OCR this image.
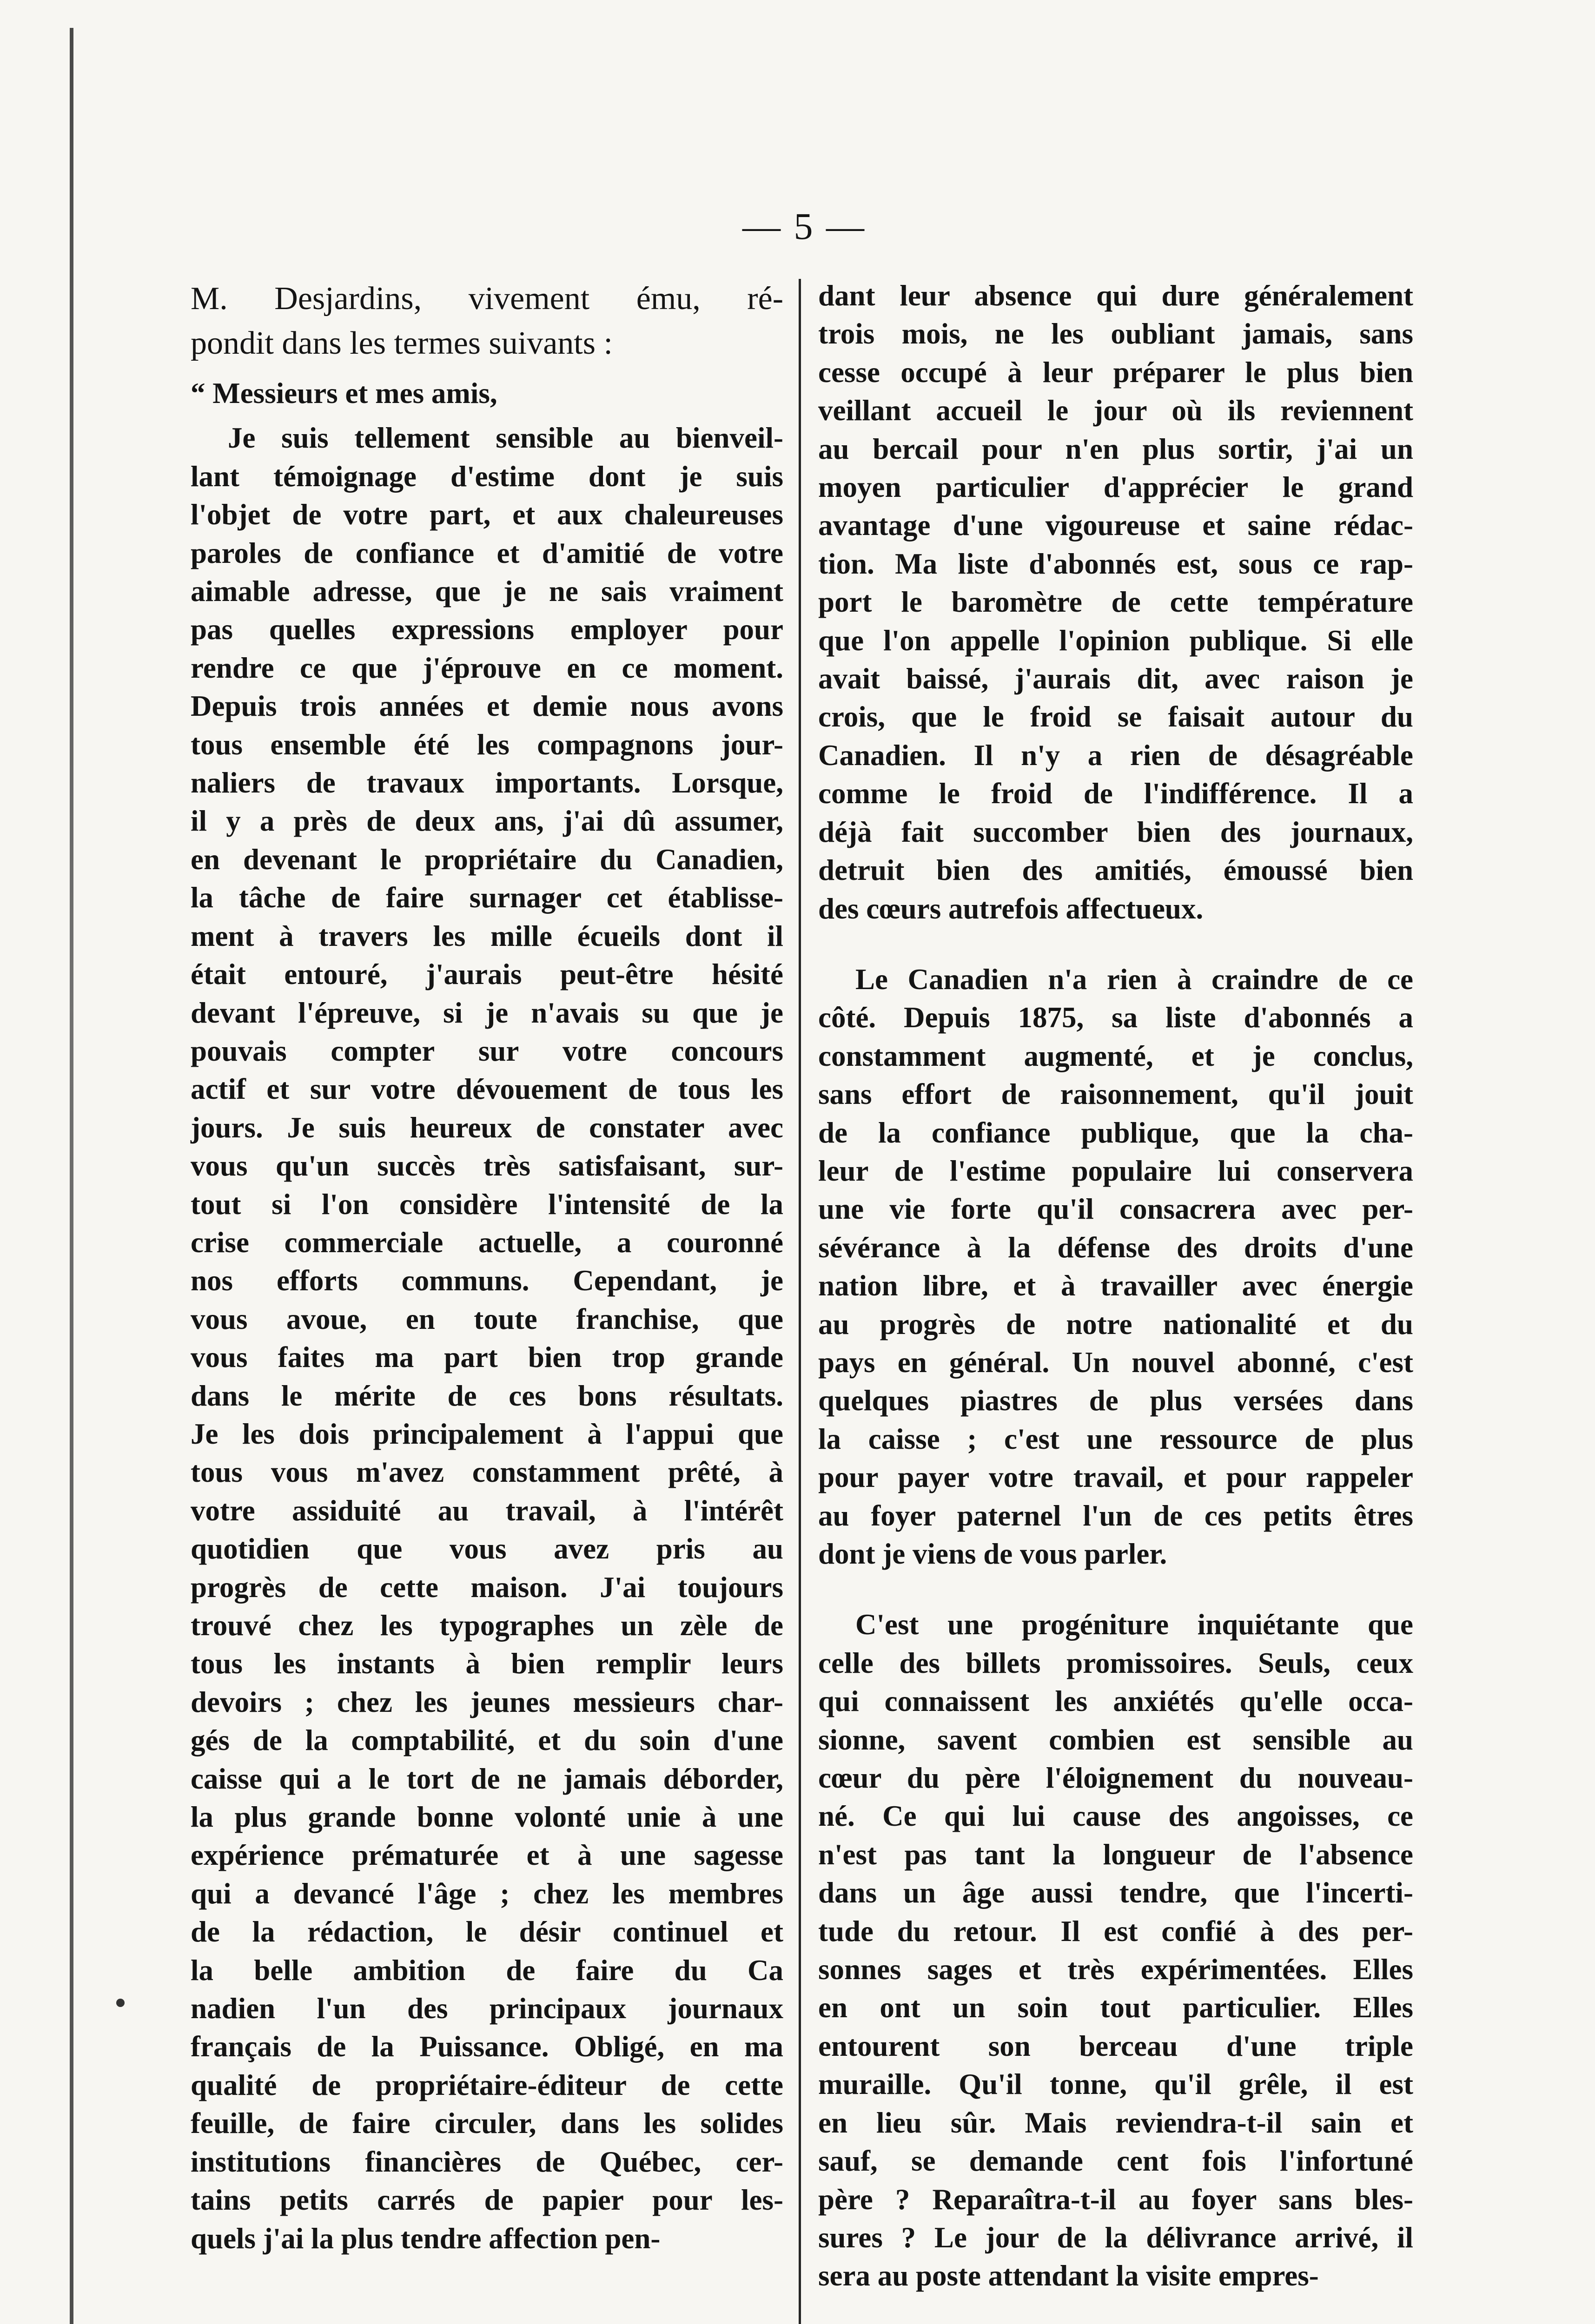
— 5 —
M. Desjardins, vivement ému, ré-
pondit dans les termes suivants :
“ Messieurs et mes amis,
Je suis tellement sensible au bienveil-
lant témoignage d'estime dont je suis
l'objet de votre part, et aux chaleureuses
paroles de confiance et d'amitié de votre
aimable adresse, que je ne sais vraiment
pas quelles expressions employer pour
rendre ce que j'éprouve en ce moment.
Depuis trois années et demie nous avons
tous ensemble été les compagnons jour-
naliers de travaux importants. Lorsque,
il y a près de deux ans, j'ai dû assumer,
en devenant le propriétaire du Canadien,
la tâche de faire surnager cet établisse-
ment à travers les mille écueils dont il
était entouré, j'aurais peut-être hésité
devant l'épreuve, si je n'avais su que je
pouvais compter sur votre concours
actif et sur votre dévouement de tous les
jours. Je suis heureux de constater avec
vous qu'un succès très satisfaisant, sur-
tout si l'on considère l'intensité de la
crise commerciale actuelle, a couronné
nos efforts communs. Cependant, je
vous avoue, en toute franchise, que
vous faites ma part bien trop grande
dans le mérite de ces bons résultats.
Je les dois principalement à l'appui que
tous vous m'avez constamment prêté, à
votre assiduité au travail, à l'intérêt
quotidien que vous avez pris au
progrès de cette maison. J'ai toujours
trouvé chez les typographes un zèle de
tous les instants à bien remplir leurs
devoirs ; chez les jeunes messieurs char-
gés de la comptabilité, et du soin d'une
caisse qui a le tort de ne jamais déborder,
la plus grande bonne volonté unie à une
expérience prématurée et à une sagesse
qui a devancé l'âge ; chez les membres
de la rédaction, le désir continuel et
la belle ambition de faire du Ca
nadien l'un des principaux journaux
français de la Puissance. Obligé, en ma
qualité de propriétaire-éditeur de cette
feuille, de faire circuler, dans les solides
institutions financières de Québec, cer-
tains petits carrés de papier pour les-
quels j'ai la plus tendre affection pen-
dant leur absence qui dure généralement
trois mois, ne les oubliant jamais, sans
cesse occupé à leur préparer le plus bien
veillant accueil le jour où ils reviennent
au bercail pour n'en plus sortir, j'ai un
moyen particulier d'apprécier le grand
avantage d'une vigoureuse et saine rédac-
tion. Ma liste d'abonnés est, sous ce rap-
port le baromètre de cette température
que l'on appelle l'opinion publique. Si elle
avait baissé, j'aurais dit, avec raison je
crois, que le froid se faisait autour du
Canadien. Il n'y a rien de désagréable
comme le froid de l'indifférence. Il a
déjà fait succomber bien des journaux,
detruit bien des amitiés, émoussé bien
des cœurs autrefois affectueux.
Le Canadien n'a rien à craindre de ce
côté. Depuis 1875, sa liste d'abonnés a
constamment augmenté, et je conclus,
sans effort de raisonnement, qu'il jouit
de la confiance publique, que la cha-
leur de l'estime populaire lui conservera
une vie forte qu'il consacrera avec per-
sévérance à la défense des droits d'une
nation libre, et à travailler avec énergie
au progrès de notre nationalité et du
pays en général. Un nouvel abonné, c'est
quelques piastres de plus versées dans
la caisse ; c'est une ressource de plus
pour payer votre travail, et pour rappeler
au foyer paternel l'un de ces petits êtres
dont je viens de vous parler.
C'est une progéniture inquiétante que
celle des billets promissoires. Seuls, ceux
qui connaissent les anxiétés qu'elle occa-
sionne, savent combien est sensible au
cœur du père l'éloignement du nouveau-
né. Ce qui lui cause des angoisses, ce
n'est pas tant la longueur de l'absence
dans un âge aussi tendre, que l'incerti-
tude du retour. Il est confié à des per-
sonnes sages et très expérimentées. Elles
en ont un soin tout particulier. Elles
entourent son berceau d'une triple
muraille. Qu'il tonne, qu'il grêle, il est
en lieu sûr. Mais reviendra-t-il sain et
sauf, se demande cent fois l'infortuné
père ? Reparaîtra-t-il au foyer sans bles-
sures ? Le jour de la délivrance arrivé, il
sera au poste attendant la visite empres-
